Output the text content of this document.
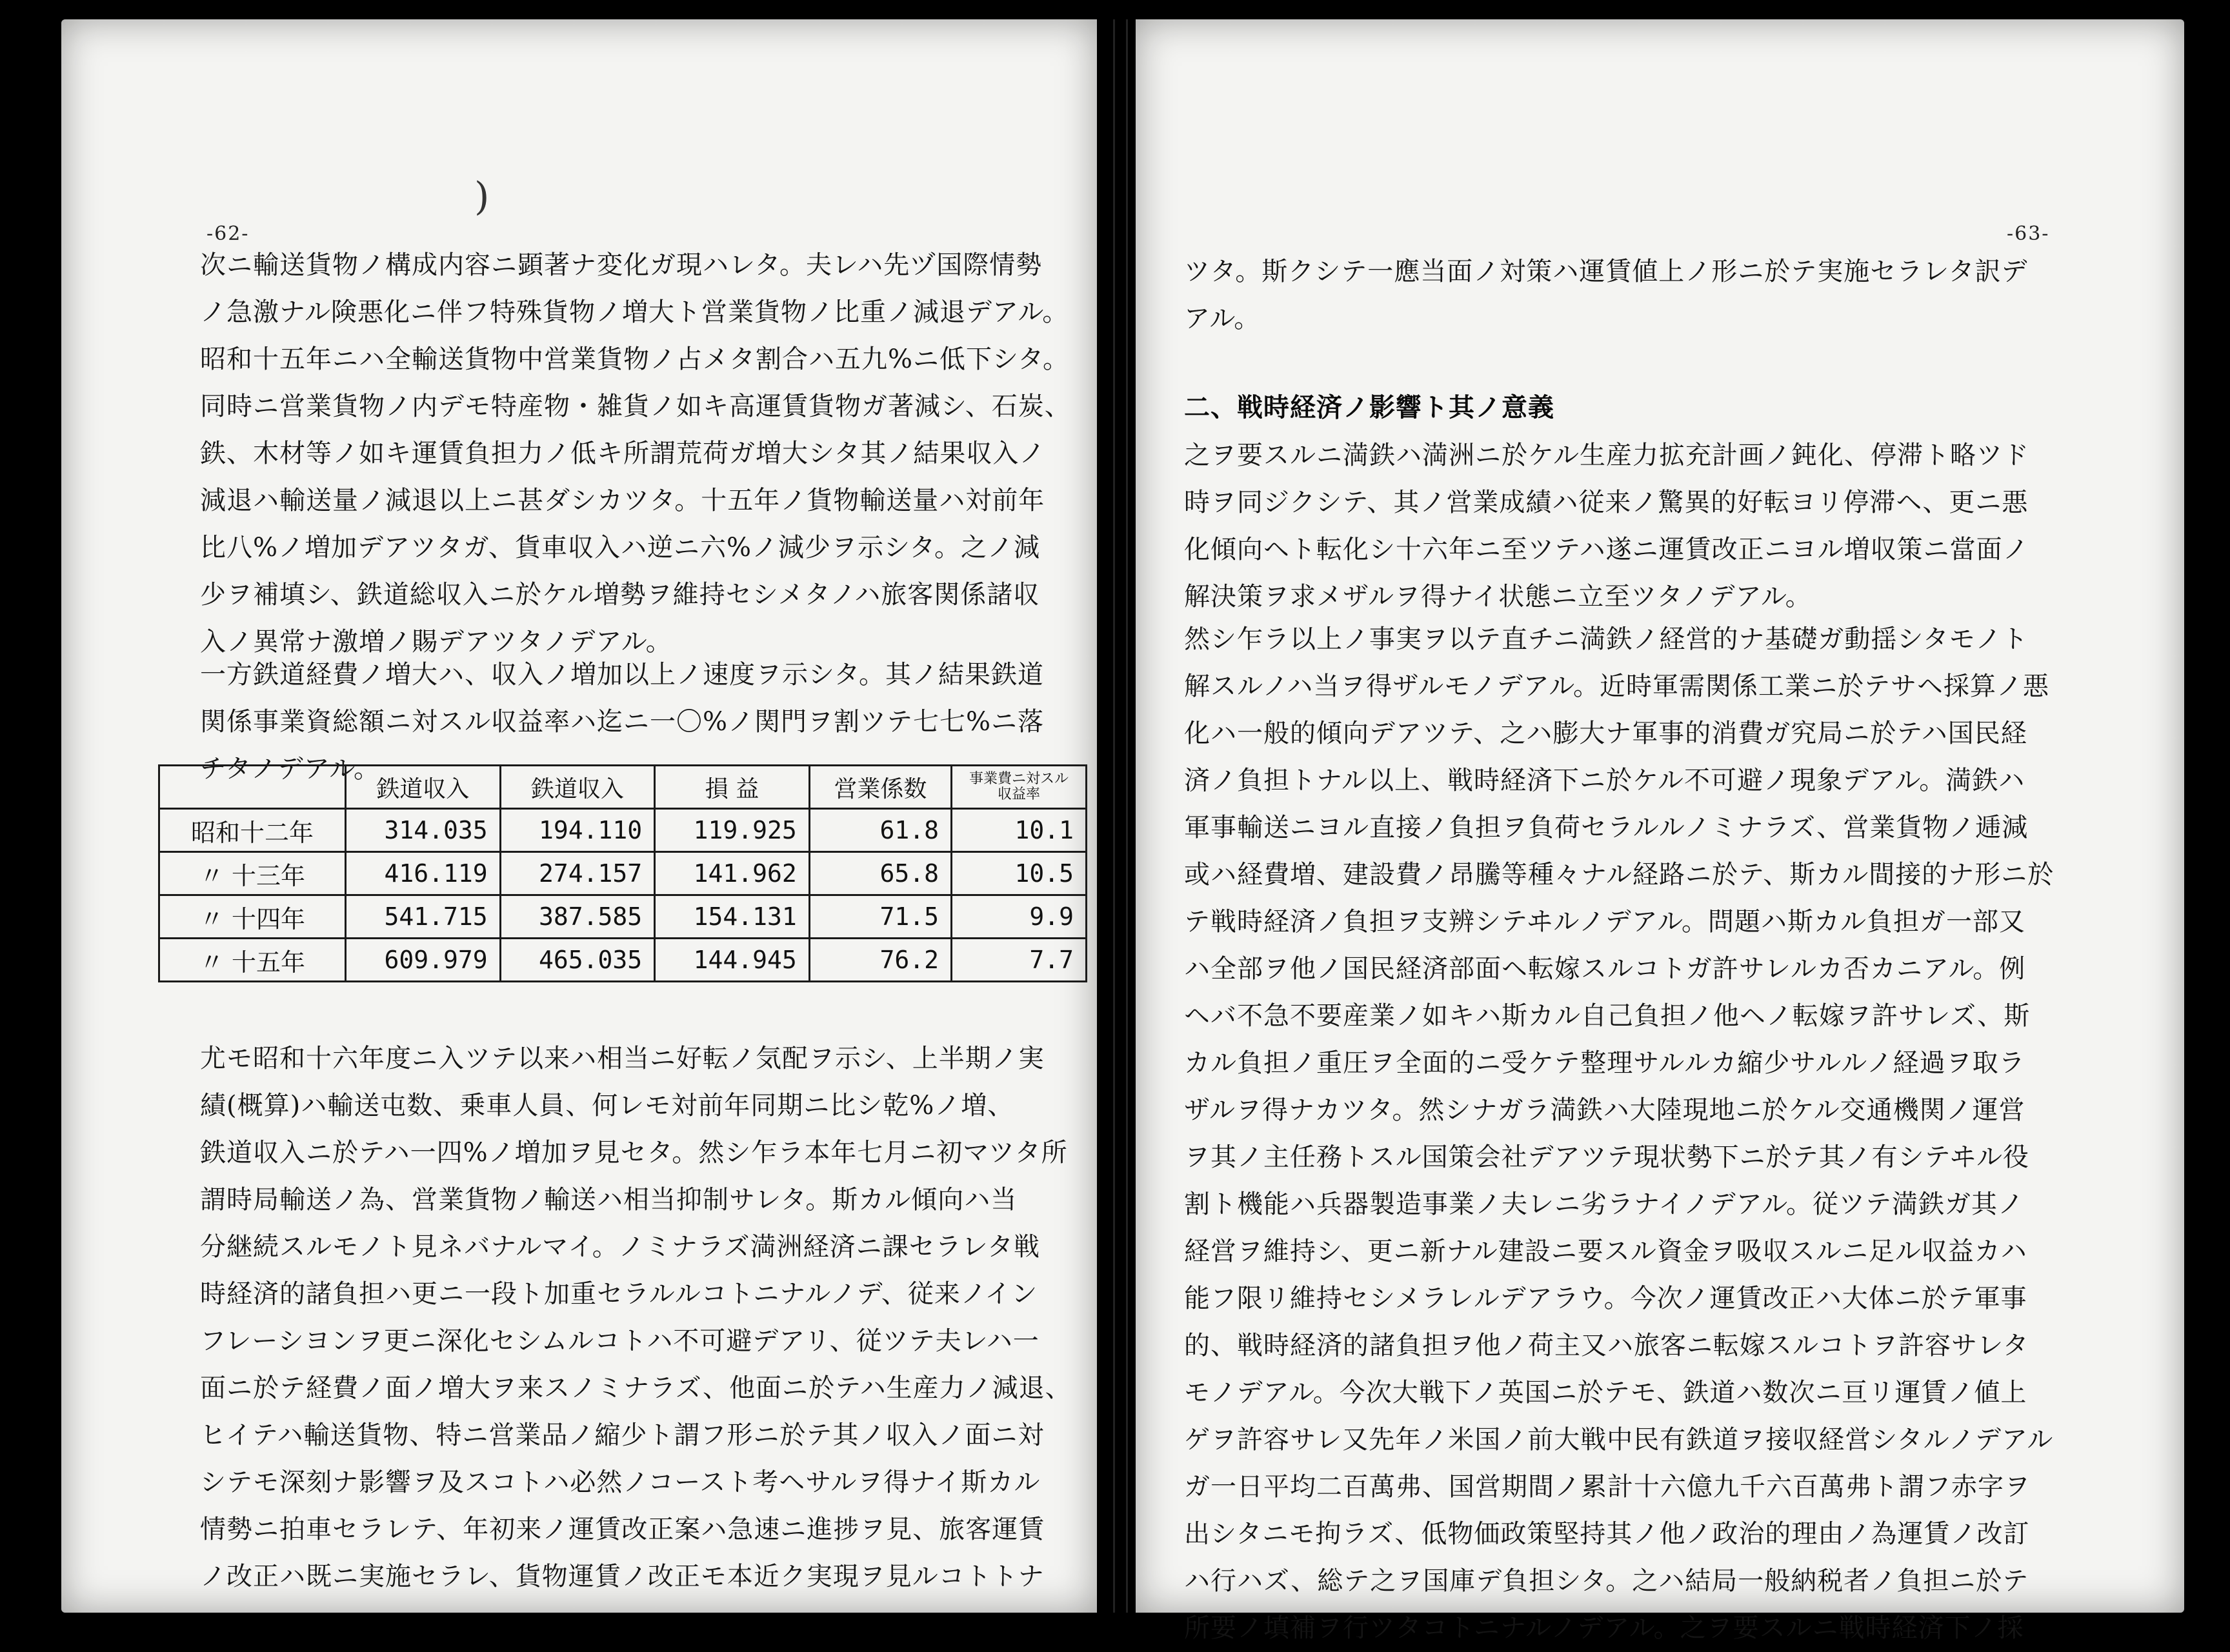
-62-
)

次ニ輸送貨物ノ構成内容ニ顕著ナ変化ガ現ハレタ。夫レハ先ヅ国際情勢

ノ急激ナル険悪化ニ伴フ特殊貨物ノ増大ト営業貨物ノ比重ノ減退デアル。

昭和十五年ニハ全輸送貨物中営業貨物ノ占メタ割合ハ五九%ニ低下シタ。

同時ニ営業貨物ノ内デモ特産物・雑貨ノ如キ高運賃貨物ガ著減シ、石炭、

鉄、木材等ノ如キ運賃負担力ノ低キ所謂荒荷ガ増大シタ其ノ結果収入ノ

減退ハ輸送量ノ減退以上ニ甚ダシカツタ。十五年ノ貨物輸送量ハ対前年

比八%ノ増加デアツタガ、貨車収入ハ逆ニ六%ノ減少ヲ示シタ。之ノ減

少ヲ補填シ、鉄道総収入ニ於ケル増勢ヲ維持セシメタノハ旅客関係諸収

入ノ異常ナ激増ノ賜デアツタノデアル。

一方鉄道経費ノ増大ハ、収入ノ増加以上ノ速度ヲ示シタ。其ノ結果鉄道

関係事業資総額ニ対スル収益率ハ迄ニ一〇%ノ関門ヲ割ツテ七七%ニ落

チタノデアル。

尤モ昭和十六年度ニ入ツテ以来ハ相当ニ好転ノ気配ヲ示シ、上半期ノ実

績(概算)ハ輸送屯数、乗車人員、何レモ対前年同期ニ比シ乾%ノ増、

鉄道収入ニ於テハ一四%ノ増加ヲ見セタ。然シ乍ラ本年七月ニ初マツタ所

謂時局輸送ノ為、営業貨物ノ輸送ハ相当抑制サレタ。斯カル傾向ハ当

分継続スルモノト見ネバナルマイ。ノミナラズ満洲経済ニ課セラレタ戦

時経済的諸負担ハ更ニ一段ト加重セラルルコトニナルノデ、従来ノイン

フレーシヨンヲ更ニ深化セシムルコトハ不可避デアリ、従ツテ夫レハ一

面ニ於テ経費ノ面ノ増大ヲ来スノミナラズ、他面ニ於テハ生産力ノ減退、

ヒイテハ輸送貨物、特ニ営業品ノ縮少ト謂フ形ニ於テ其ノ収入ノ面ニ対

シテモ深刻ナ影響ヲ及スコトハ必然ノコースト考ヘサルヲ得ナイ斯カル

情勢ニ拍車セラレテ、年初来ノ運賃改正案ハ急速ニ進捗ヲ見、旅客運賃

ノ改正ハ既ニ実施セラレ、貨物運賃ノ改正モ本近ク実現ヲ見ルコトトナ

	鉄道収入	鉄道収入	損 益	営業係数	事業費ニ対スル収益率
昭和十二年	314.035	194.110	119.925	61.8	10.1
〃 十三年	416.119	274.157	141.962	65.8	10.5
〃 十四年	541.715	387.585	154.131	71.5	9.9
〃 十五年	609.979	465.035	144.945	76.2	7.7
-63-

ツタ。斯クシテ一應当面ノ対策ハ運賃値上ノ形ニ於テ実施セラレタ訳デ

アル。

二、戦時経済ノ影響ト其ノ意義

之ヲ要スルニ満鉄ハ満洲ニ於ケル生産力拡充計画ノ鈍化、停滞ト略ツド

時ヲ同ジクシテ、其ノ営業成績ハ従来ノ驚異的好転ヨリ停滞ヘ、更ニ悪

化傾向ヘト転化シ十六年ニ至ツテハ遂ニ運賃改正ニヨル増収策ニ當面ノ

解決策ヲ求メザルヲ得ナイ状態ニ立至ツタノデアル。

然シ乍ラ以上ノ事実ヲ以テ直チニ満鉄ノ経営的ナ基礎ガ動揺シタモノト

解スルノハ当ヲ得ザルモノデアル。近時軍需関係工業ニ於テサヘ採算ノ悪

化ハ一般的傾向デアツテ、之ハ膨大ナ軍事的消費ガ究局ニ於テハ国民経

済ノ負担トナル以上、戦時経済下ニ於ケル不可避ノ現象デアル。満鉄ハ

軍事輸送ニヨル直接ノ負担ヲ負荷セラルルノミナラズ、営業貨物ノ逓減

或ハ経費増、建設費ノ昂騰等種々ナル経路ニ於テ、斯カル間接的ナ形ニ於

テ戦時経済ノ負担ヲ支辨シテヰルノデアル。問題ハ斯カル負担ガ一部又

ハ全部ヲ他ノ国民経済部面ヘ転嫁スルコトガ許サレルカ否カニアル。例

ヘバ不急不要産業ノ如キハ斯カル自己負担ノ他ヘノ転嫁ヲ許サレズ、斯

カル負担ノ重圧ヲ全面的ニ受ケテ整理サルルカ縮少サルルノ経過ヲ取ラ

ザルヲ得ナカツタ。然シナガラ満鉄ハ大陸現地ニ於ケル交通機関ノ運営

ヲ其ノ主任務トスル国策会社デアツテ現状勢下ニ於テ其ノ有シテヰル役

割ト機能ハ兵器製造事業ノ夫レニ劣ラナイノデアル。従ツテ満鉄ガ其ノ

経営ヲ維持シ、更ニ新ナル建設ニ要スル資金ヲ吸収スルニ足ル収益カハ

能フ限リ維持セシメラレルデアラウ。今次ノ運賃改正ハ大体ニ於テ軍事

的、戦時経済的諸負担ヲ他ノ荷主又ハ旅客ニ転嫁スルコトヲ許容サレタ

モノデアル。今次大戦下ノ英国ニ於テモ、鉄道ハ数次ニ亘リ運賃ノ値上

ゲヲ許容サレ又先年ノ米国ノ前大戦中民有鉄道ヲ接収経営シタルノデアル

ガ一日平均二百萬弗、国営期間ノ累計十六億九千六百萬弗ト謂フ赤字ヲ

出シタニモ拘ラズ、低物価政策堅持其ノ他ノ政治的理由ノ為運賃ノ改訂

ハ行ハズ、総テ之ヲ国庫デ負担シタ。之ハ結局一般納税者ノ負担ニ於テ

所要ノ填補ヲ行ツタコトニナルノデアル。之ヲ要スルニ戦時経済下ノ採
